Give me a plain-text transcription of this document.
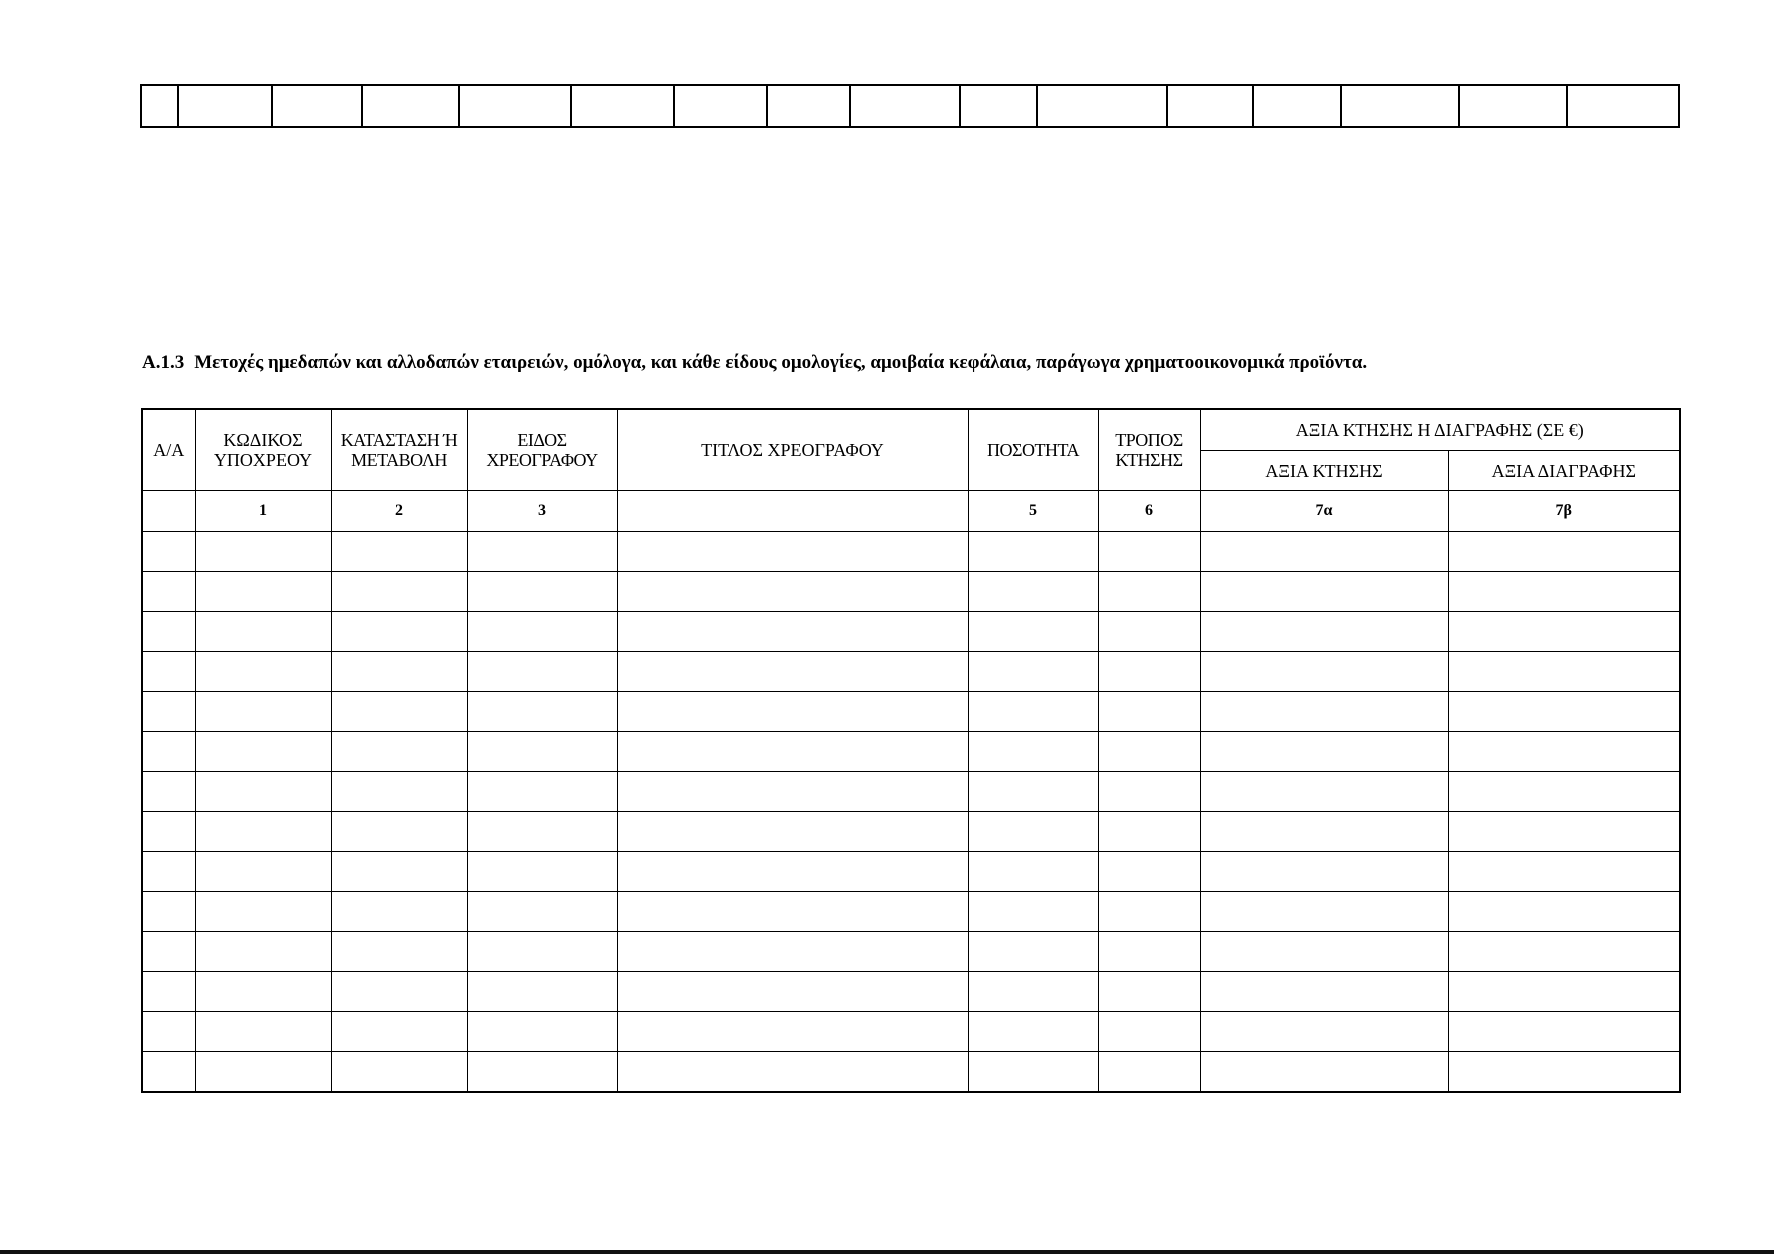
A.1.3 Μετοχές ημεδαπών και αλλοδαπών εταιρειών, ομόλογα, και κάθε είδους ομολογίες, αμοιβαία κεφάλαια, παράγωγα χρηματοοικονομικά προϊόντα.
Α/Α	ΚΩΔΙΚΟΣ ΥΠΟΧΡΕΟΥ	ΚΑΤΑΣΤΑΣΗ Ή ΜΕΤΑΒΟΛΗ	ΕΙΔΟΣ ΧΡΕΟΓΡΑΦΟΥ	ΤΙΤΛΟΣ ΧΡΕΟΓΡΑΦΟΥ	ΠΟΣΟΤΗΤΑ	ΤΡΟΠΟΣ ΚΤΗΣΗΣ	ΑΞΙΑ ΚΤΗΣΗΣ Η ΔΙΑΓΡΑΦΗΣ (ΣΕ €)	
							ΑΞΙΑ ΚΤΗΣΗΣ	ΑΞΙΑ ΔΙΑΓΡΑΦΗΣ
	1	2	3		5	6	7α	7β
